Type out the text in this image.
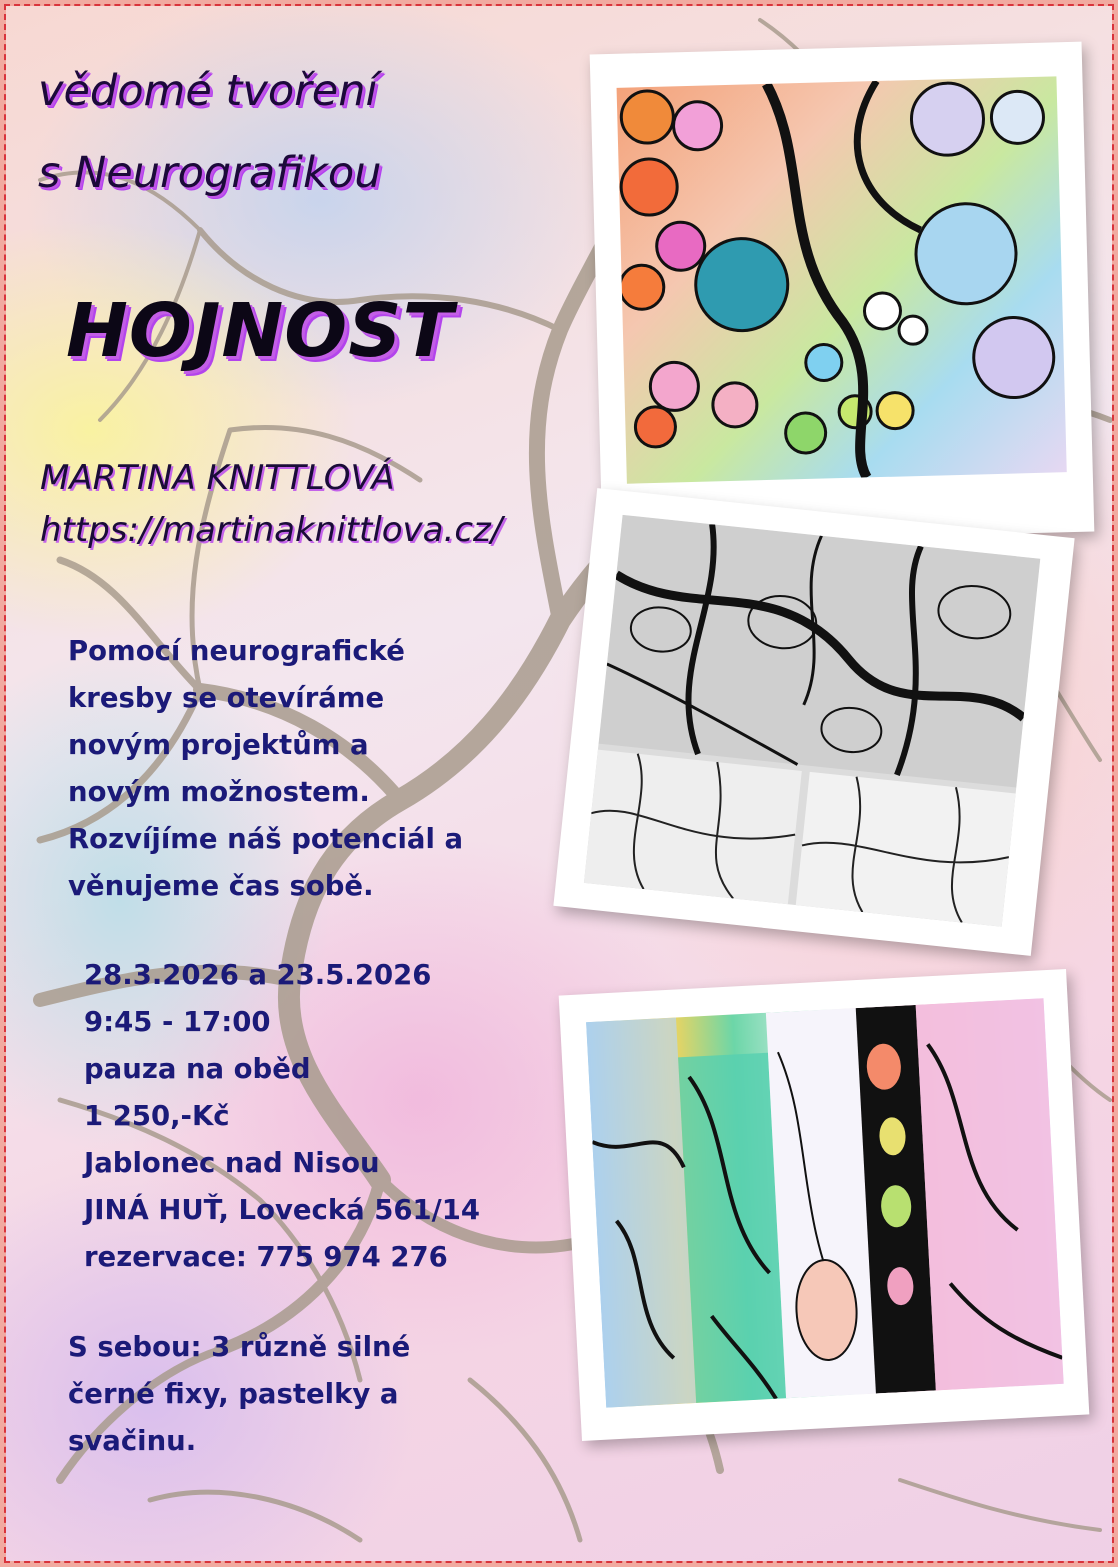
vědomé tvoření
s Neurografikou
HOJNOST
MARTINA KNITTLOVÁ
https://martinaknittlova.cz/
Pomocí neurografické
kresby se otevíráme
novým projektům a
novým možnostem.
Rozvíjíme náš potenciál a
věnujeme čas sobě.
28.3.2026 a 23.5.2026
9:45 - 17:00
pauza na oběd
1 250,-Kč
Jablonec nad Nisou
JINÁ HUŤ, Lovecká 561/14
rezervace: 775 974 276
S sebou: 3 různě silné
černé fixy, pastelky a
svačinu.
